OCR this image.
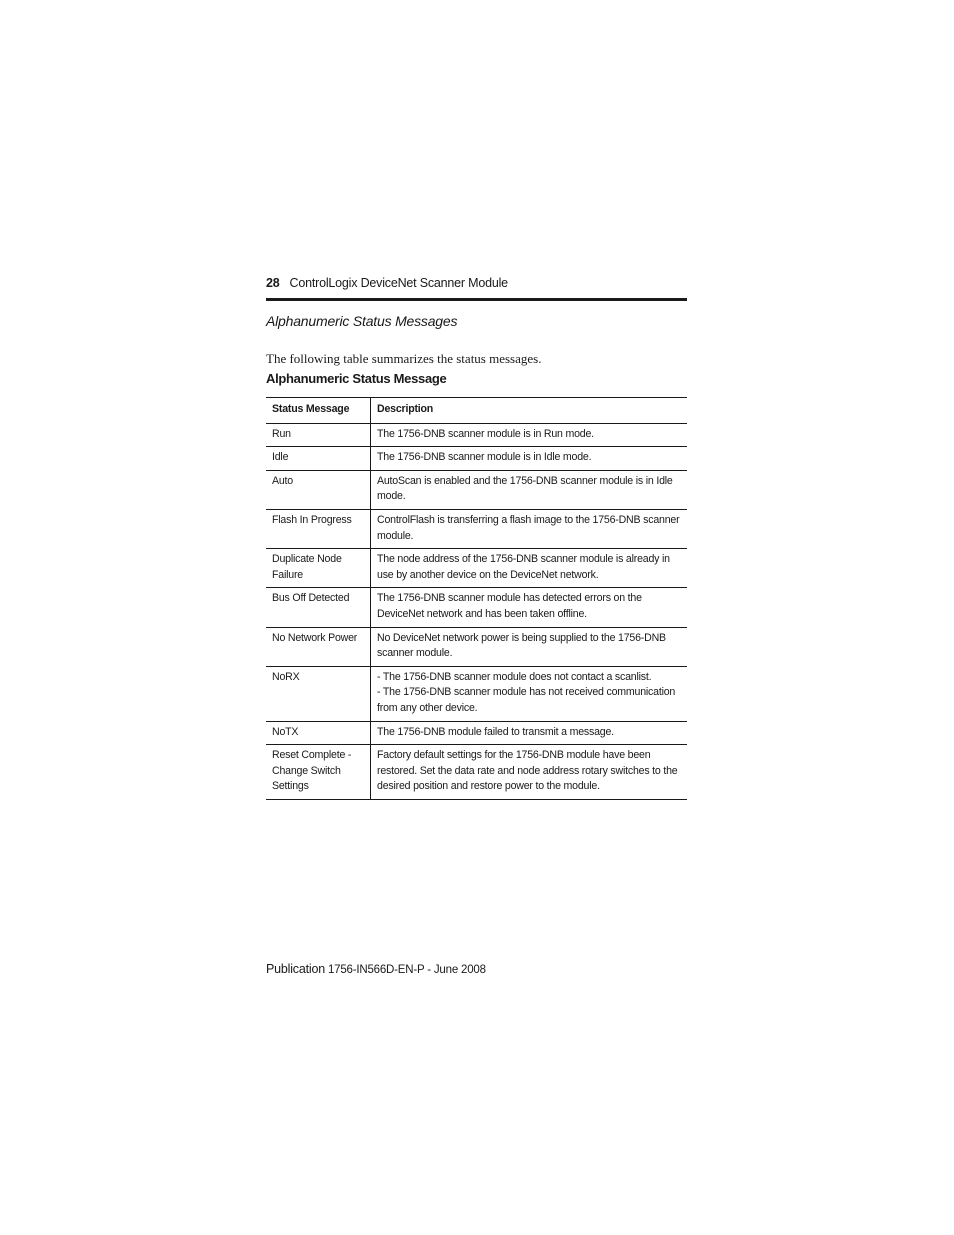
28 ControlLogix DeviceNet Scanner Module
Alphanumeric Status Messages
The following table summarizes the status messages.
Alphanumeric Status Message
Status Message	Description
Run	The 1756-DNB scanner module is in Run mode.

Idle	The 1756-DNB scanner module is in Idle mode.

Auto	AutoScan is enabled and the 1756-DNB scanner module is in Idle mode.

Flash In Progress	ControlFlash is transferring a flash image to the 1756-DNB scanner module.

Duplicate Node Failure	The node address of the 1756-DNB scanner module is already in use by another device on the DeviceNet network.

Bus Off Detected	The 1756-DNB scanner module has detected errors on the DeviceNet network and has been taken offline.

No Network Power	No DeviceNet network power is being supplied to the 1756-DNB scanner module.

NoRX	- The 1756-DNB scanner module does not contact a scanlist.
- The 1756-DNB scanner module has not received communication from any other device.

NoTX	The 1756-DNB module failed to transmit a message.

Reset Complete - Change Switch Settings	Factory default settings for the 1756-DNB module have been restored. Set the data rate and node address rotary switches to the desired position and restore power to the module.
Publication 1756-IN566D-EN-P - June 2008
